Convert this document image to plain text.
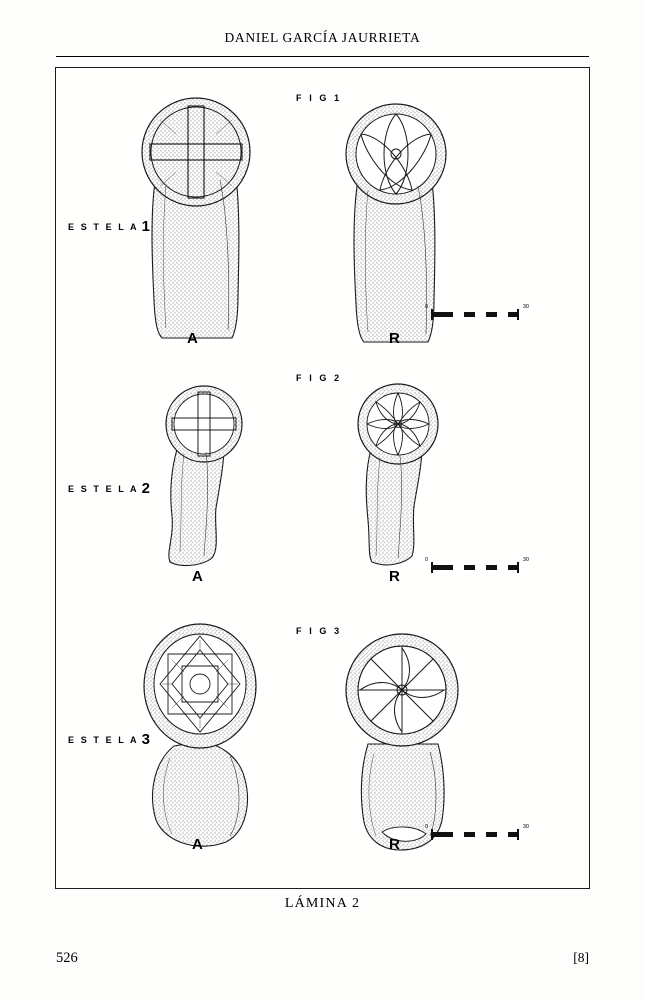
DANIEL GARCÍA JAURRIETA
F I G 1
E S T E L A 1
A	R
0	30
F I G 2
E S T E L A 2
A	R
0	30
F I G 3
E S T E L A 3
A	R
0	30
LÁMINA 2
526	[8]
